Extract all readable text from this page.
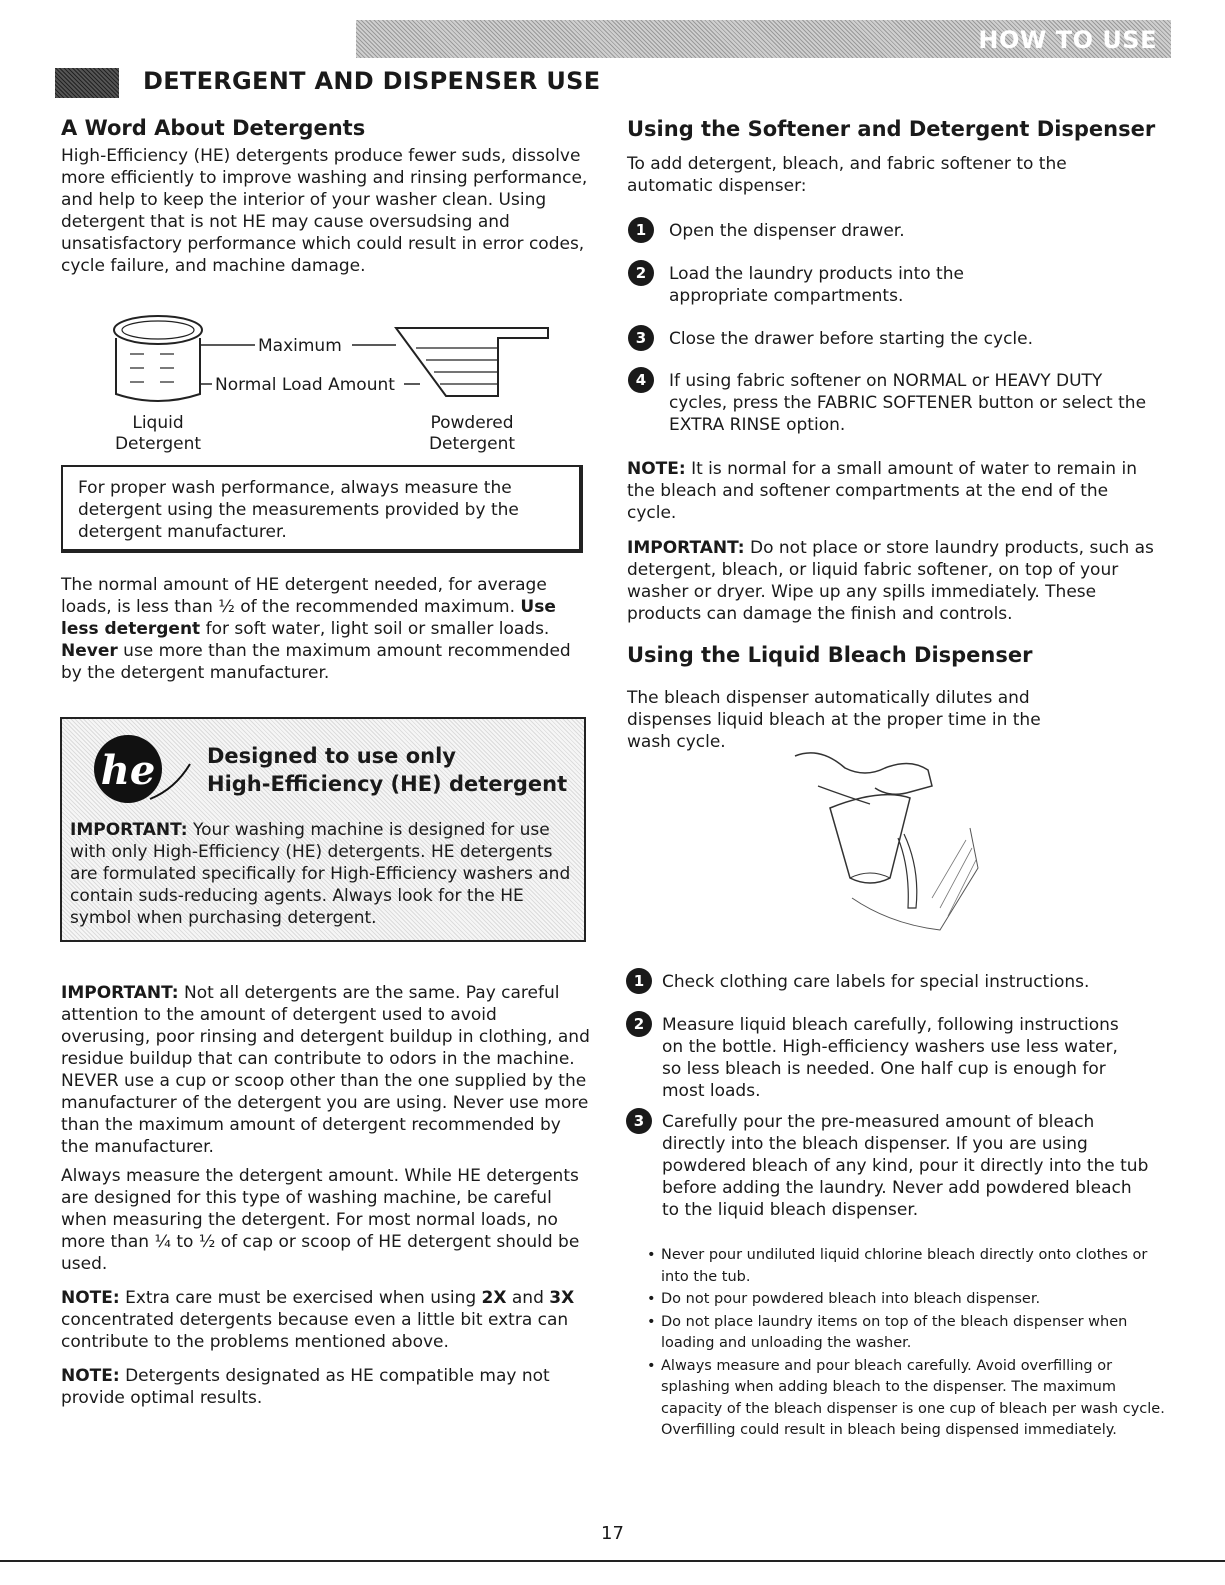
HOW TO USE
DETERGENT AND DISPENSER USE
A Word About Detergents

High-Efficiency (HE) detergents produce fewer suds, dissolve more efficiently to improve washing and rinsing performance, and help to keep the interior of your washer clean. Using detergent that is not HE may cause oversudsing and unsatisfactory performance which could result in error codes, cycle failure, and machine damage.

Maximum
Normal Load Amount
Liquid
Detergent
Powdered
Detergent

For proper wash performance, always measure the detergent using the measurements provided by the detergent manufacturer.

The normal amount of HE detergent needed, for average loads, is less than ½ of the recommended maximum. Use less detergent for soft water, light soil or smaller loads. Never use more than the maximum amount recommended by the detergent manufacturer.

he Designed to use only
High-Efficiency (HE) detergent

IMPORTANT: Your washing machine is designed for use with only High-Efficiency (HE) detergents. HE detergents are formulated specifically for High-Efficiency washers and contain suds-reducing agents. Always look for the HE symbol when purchasing detergent.

IMPORTANT: Not all detergents are the same. Pay careful attention to the amount of detergent used to avoid overusing, poor rinsing and detergent buildup in clothing, and residue buildup that can contribute to odors in the machine. NEVER use a cup or scoop other than the one supplied by the manufacturer of the detergent you are using. Never use more than the maximum amount of detergent recommended by the manufacturer.

Always measure the detergent amount. While HE detergents are designed for this type of washing machine, be careful when measuring the detergent. For most normal loads, no more than ¼ to ½ of cap or scoop of HE detergent should be used.

NOTE: Extra care must be exercised when using 2X and 3X concentrated detergents because even a little bit extra can contribute to the problems mentioned above.

NOTE: Detergents designated as HE compatible may not provide optimal results.

Using the Softener and Detergent Dispenser

To add detergent, bleach, and fabric softener to the automatic dispenser:

1	Open the dispenser drawer.

2	Load the laundry products into the appropriate compartments.

3	Close the drawer before starting the cycle.

4	If using fabric softener on NORMAL or HEAVY DUTY cycles, press the FABRIC SOFTENER button or select the EXTRA RINSE option.

NOTE: It is normal for a small amount of water to remain in the bleach and softener compartments at the end of the cycle.

IMPORTANT: Do not place or store laundry products, such as detergent, bleach, or liquid fabric softener, on top of your washer or dryer. Wipe up any spills immediately. These products can damage the finish and controls.

Using the Liquid Bleach Dispenser

The bleach dispenser automatically dilutes and dispenses liquid bleach at the proper time in the wash cycle.

1	Check clothing care labels for special instructions.

2	Measure liquid bleach carefully, following instructions on the bottle. High-efficiency washers use less water, so less bleach is needed. One half cup is enough for most loads.

3	Carefully pour the pre-measured amount of bleach directly into the bleach dispenser. If you are using powdered bleach of any kind, pour it directly into the tub before adding the laundry. Never add powdered bleach to the liquid bleach dispenser.

• Never pour undiluted liquid chlorine bleach directly onto clothes or into the tub.
• Do not pour powdered bleach into bleach dispenser.
• Do not place laundry items on top of the bleach dispenser when loading and unloading the washer.
• Always measure and pour bleach carefully. Avoid overfilling or splashing when adding bleach to the dispenser. The maximum capacity of the bleach dispenser is one cup of bleach per wash cycle. Overfilling could result in bleach being dispensed immediately.
17
